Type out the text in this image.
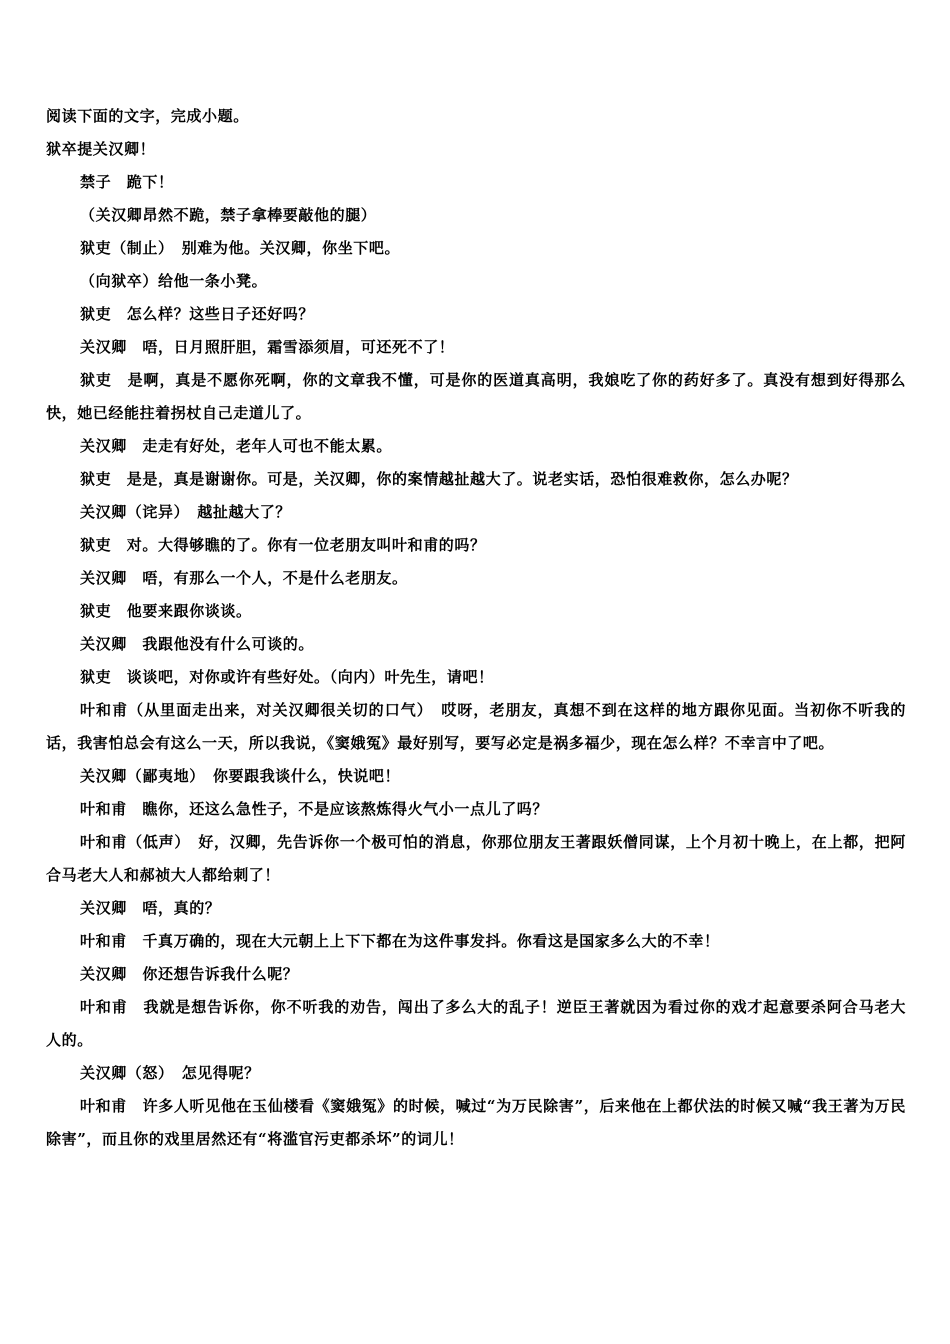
阅读下面的文字，完成小题。

狱卒提关汉卿！

禁子　跪下！

（关汉卿昂然不跪，禁子拿棒要敲他的腿）

狱吏（制止）　别难为他。关汉卿，你坐下吧。

（向狱卒）给他一条小凳。

狱吏　怎么样？这些日子还好吗？

关汉卿　唔，日月照肝胆，霜雪添须眉，可还死不了！

狱吏　是啊，真是不愿你死啊，你的文章我不懂，可是你的医道真高明，我娘吃了你的药好多了。真没有想到好得那么快，她已经能拄着拐杖自己走道儿了。

关汉卿　走走有好处，老年人可也不能太累。

狱吏　是是，真是谢谢你。可是，关汉卿，你的案情越扯越大了。说老实话，恐怕很难救你，怎么办呢？

关汉卿（诧异）　越扯越大了？

狱吏　对。大得够瞧的了。你有一位老朋友叫叶和甫的吗？

关汉卿　唔，有那么一个人，不是什么老朋友。

狱吏　他要来跟你谈谈。

关汉卿　我跟他没有什么可谈的。

狱吏　谈谈吧，对你或许有些好处。（向内）叶先生，请吧！

叶和甫（从里面走出来，对关汉卿很关切的口气）　哎呀，老朋友，真想不到在这样的地方跟你见面。当初你不听我的话，我害怕总会有这么一天，所以我说，《窦娥冤》最好别写，要写必定是祸多福少，现在怎么样？不幸言中了吧。

关汉卿（鄙夷地）　你要跟我谈什么，快说吧！

叶和甫　瞧你，还这么急性子，不是应该熬炼得火气小一点儿了吗？

叶和甫（低声）　好，汉卿，先告诉你一个极可怕的消息，你那位朋友王著跟妖僧同谋，上个月初十晚上，在上都，把阿合马老大人和郝祯大人都给刺了！

关汉卿　唔，真的？

叶和甫　千真万确的，现在大元朝上上下下都在为这件事发抖。你看这是国家多么大的不幸！

关汉卿　你还想告诉我什么呢？

叶和甫　我就是想告诉你，你不听我的劝告，闯出了多么大的乱子！逆臣王著就因为看过你的戏才起意要杀阿合马老大人的。

关汉卿（怒）　怎见得呢？

叶和甫　许多人听见他在玉仙楼看《窦娥冤》的时候，喊过“为万民除害”，后来他在上都伏法的时候又喊“我王著为万民除害”，而且你的戏里居然还有“将滥官污吏都杀坏”的词儿！
